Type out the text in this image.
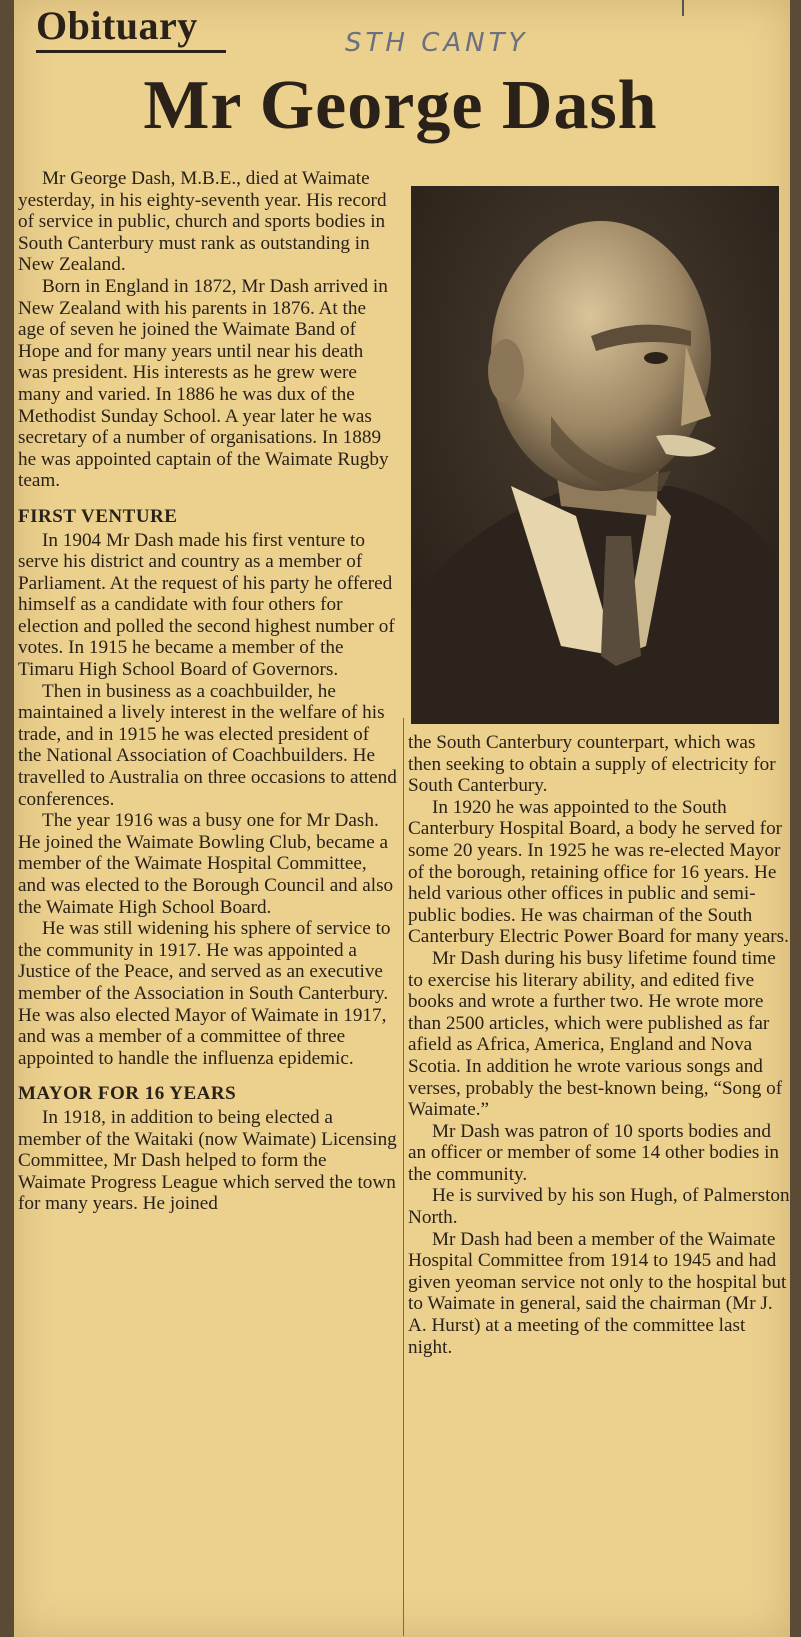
Obituary	STH CANTY
Mr George Dash

Mr George Dash, M.B.E., died at Waimate yesterday, in his eighty-seventh year. His record of service in public, church and sports bodies in South Canterbury must rank as outstanding in New Zealand.

Born in England in 1872, Mr Dash arrived in New Zealand with his parents in 1876. At the age of seven he joined the Waimate Band of Hope and for many years until near his death was president. His interests as he grew were many and varied. In 1886 he was dux of the Methodist Sunday School. A year later he was secretary of a number of organisations. In 1889 he was appointed captain of the Waimate Rugby team.

FIRST VENTURE

In 1904 Mr Dash made his first venture to serve his district and country as a member of Parliament. At the request of his party he offered himself as a candidate with four others for election and polled the second highest number of votes. In 1915 he became a member of the Timaru High School Board of Governors.

Then in business as a coachbuilder, he maintained a lively interest in the welfare of his trade, and in 1915 he was elected president of the National Association of Coachbuilders. He travelled to Australia on three occasions to attend conferences.

The year 1916 was a busy one for Mr Dash. He joined the Waimate Bowling Club, became a member of the Waimate Hospital Committee, and was elected to the Borough Council and also the Waimate High School Board.

He was still widening his sphere of service to the community in 1917. He was appointed a Justice of the Peace, and served as an executive member of the Association in South Canterbury. He was also elected Mayor of Waimate in 1917, and was a member of a committee of three appointed to handle the influenza epidemic.

MAYOR FOR 16 YEARS

In 1918, in addition to being elected a member of the Waitaki (now Waimate) Licensing Committee, Mr Dash helped to form the Waimate Progress League which served the town for many years. He joined

the South Canterbury counterpart, which was then seeking to obtain a supply of electricity for South Canterbury.

In 1920 he was appointed to the South Canterbury Hospital Board, a body he served for some 20 years. In 1925 he was re-elected Mayor of the borough, retaining office for 16 years. He held various other offices in public and semi-public bodies. He was chairman of the South Canterbury Electric Power Board for many years.

Mr Dash during his busy lifetime found time to exercise his literary ability, and edited five books and wrote a further two. He wrote more than 2500 articles, which were published as far afield as Africa, America, England and Nova Scotia. In addition he wrote various songs and verses, probably the best-known being, “Song of Waimate.”

Mr Dash was patron of 10 sports bodies and an officer or member of some 14 other bodies in the community.

He is survived by his son Hugh, of Palmerston North.

Mr Dash had been a member of the Waimate Hospital Committee from 1914 to 1945 and had given yeoman service not only to the hospital but to Waimate in general, said the chairman (Mr J. A. Hurst) at a meeting of the committee last night.
